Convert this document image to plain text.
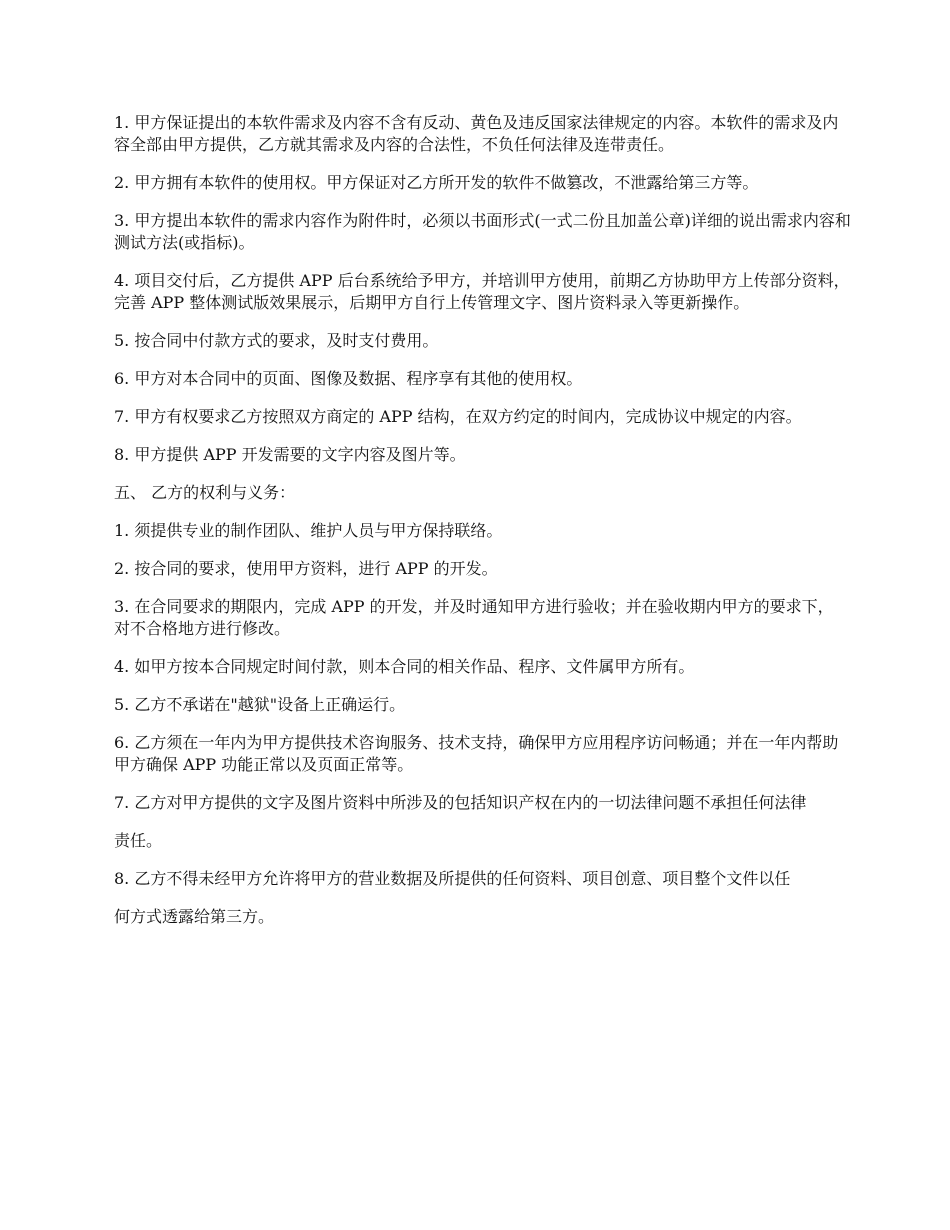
1. 甲方保证提出的本软件需求及内容不含有反动、黄色及违反国家法律规定的内容。本软件的需求及内容全部由甲方提供，乙方就其需求及内容的合法性，不负任何法律及连带责任。

2. 甲方拥有本软件的使用权。甲方保证对乙方所开发的软件不做篡改，不泄露给第三方等。

3. 甲方提出本软件的需求内容作为附件时，必须以书面形式(一式二份且加盖公章)详细的说出需求内容和测试方法(或指标)。

4. 项目交付后，乙方提供 APP 后台系统给予甲方，并培训甲方使用，前期乙方协助甲方上传部分资料，完善 APP 整体测试版效果展示，后期甲方自行上传管理文字、图片资料录入等更新操作。

5. 按合同中付款方式的要求，及时支付费用。

6. 甲方对本合同中的页面、图像及数据、程序享有其他的使用权。

7. 甲方有权要求乙方按照双方商定的 APP 结构，在双方约定的时间内，完成协议中规定的内容。

8. 甲方提供 APP 开发需要的文字内容及图片等。

五、 乙方的权利与义务：

1. 须提供专业的制作团队、维护人员与甲方保持联络。

2. 按合同的要求，使用甲方资料，进行 APP 的开发。

3. 在合同要求的期限内，完成 APP 的开发，并及时通知甲方进行验收；并在验收期内甲方的要求下， 对不合格地方进行修改。

4. 如甲方按本合同规定时间付款，则本合同的相关作品、程序、文件属甲方所有。

5. 乙方不承诺在"越狱"设备上正确运行。

6. 乙方须在一年内为甲方提供技术咨询服务、技术支持，确保甲方应用程序访问畅通；并在一年内帮助甲方确保 APP 功能正常以及页面正常等。

7. 乙方对甲方提供的文字及图片资料中所涉及的包括知识产权在内的一切法律问题不承担任何法律

责任。

8. 乙方不得未经甲方允许将甲方的营业数据及所提供的任何资料、项目创意、项目整个文件以任

何方式透露给第三方。
